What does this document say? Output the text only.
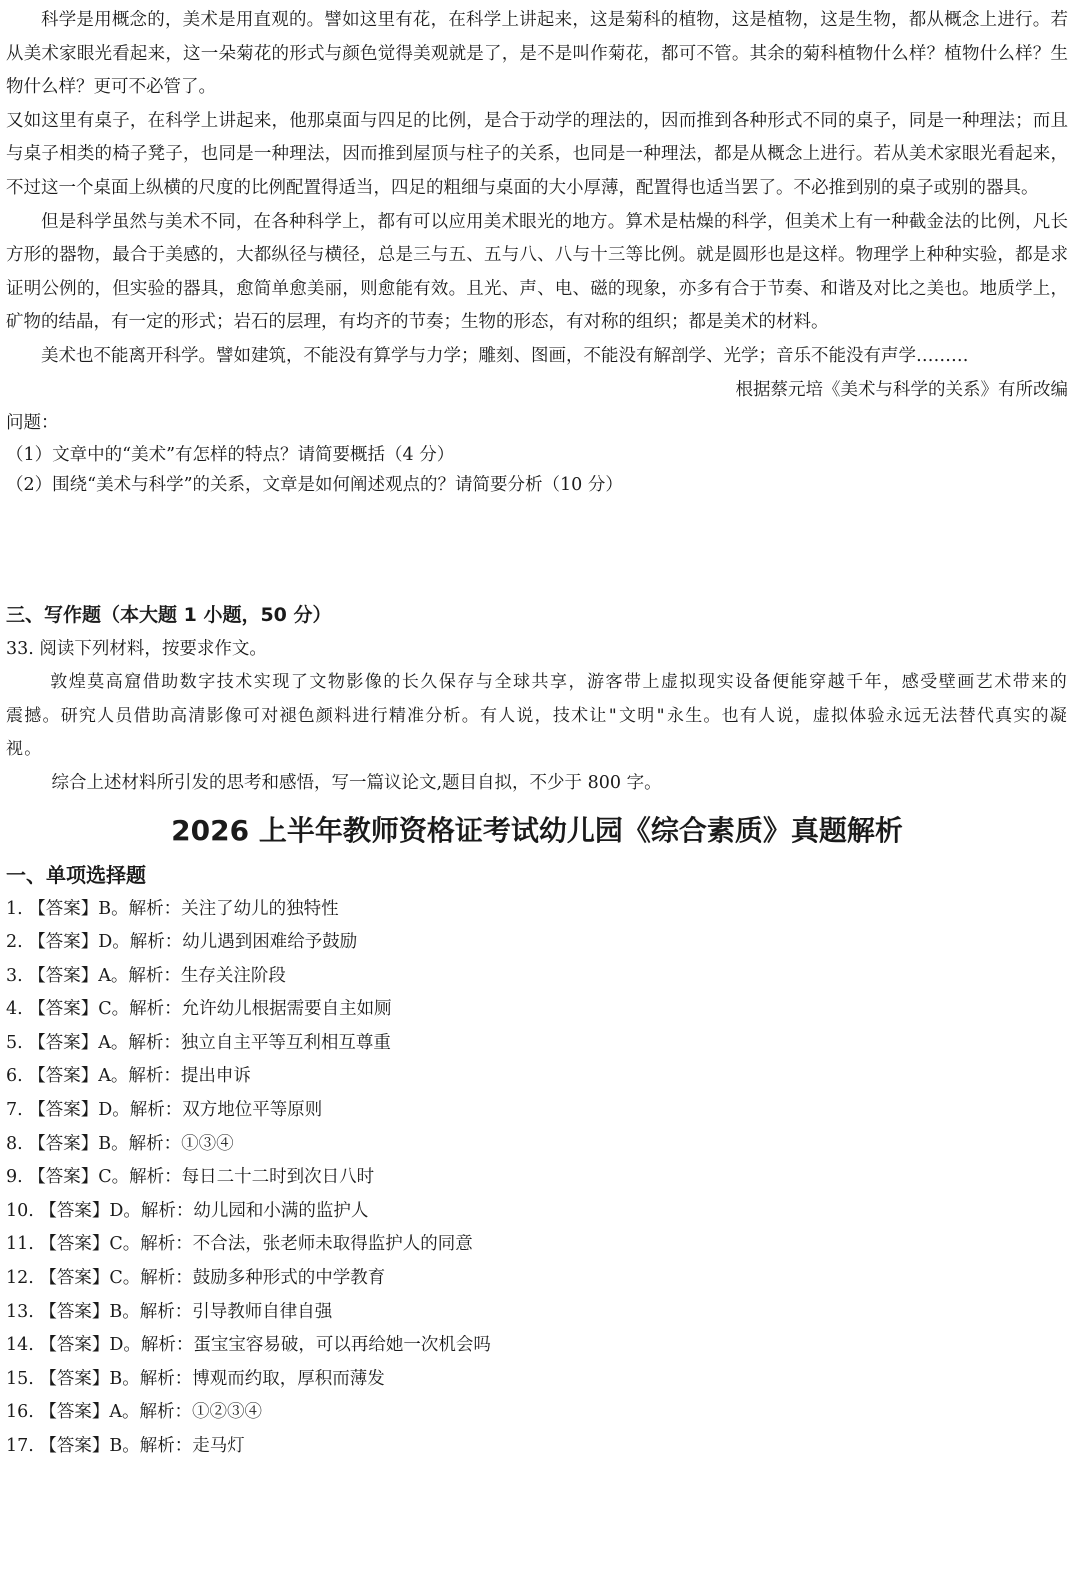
科学是用概念的，美术是用直观的。譬如这里有花，在科学上讲起来，这是菊科的植物，这是植物，这是生物，都从概念上进行。若从美术家眼光看起来，这一朵菊花的形式与颜色觉得美观就是了，是不是叫作菊花，都可不管。其余的菊科植物什么样？植物什么样？生物什么样？更可不必管了。

又如这里有桌子，在科学上讲起来，他那桌面与四足的比例，是合于动学的理法的，因而推到各种形式不同的桌子，同是一种理法；而且与桌子相类的椅子凳子，也同是一种理法，因而推到屋顶与柱子的关系，也同是一种理法，都是从概念上进行。若从美术家眼光看起来，不过这一个桌面上纵横的尺度的比例配置得适当，四足的粗细与桌面的大小厚薄，配置得也适当罢了。不必推到别的桌子或别的器具。

但是科学虽然与美术不同，在各种科学上，都有可以应用美术眼光的地方。算术是枯燥的科学，但美术上有一种截金法的比例，凡长方形的器物，最合于美感的，大都纵径与横径，总是三与五、五与八、八与十三等比例。就是圆形也是这样。物理学上种种实验，都是求证明公例的，但实验的器具，愈简单愈美丽，则愈能有效。且光、声、电、磁的现象，亦多有合于节奏、和谐及对比之美也。地质学上，矿物的结晶，有一定的形式；岩石的层理，有均齐的节奏；生物的形态，有对称的组织；都是美术的材料。

美术也不能离开科学。譬如建筑，不能没有算学与力学；雕刻、图画，不能没有解剖学、光学；音乐不能没有声学………

根据蔡元培《美术与科学的关系》有所改编

问题：

（1）文章中的“美术”有怎样的特点？请简要概括（4 分）

（2）围绕“美术与科学”的关系，文章是如何阐述观点的？请简要分析（10 分）

三、写作题（本大题 1 小题，50 分）

33. 阅读下列材料，按要求作文。

敦煌莫高窟借助数字技术实现了文物影像的长久保存与全球共享，游客带上虚拟现实设备便能穿越千年，感受壁画艺术带来的震撼。研究人员借助高清影像可对褪色颜料进行精准分析。有人说，技术让"文明"永生。也有人说，虚拟体验永远无法替代真实的凝视。

综合上述材料所引发的思考和感悟，写一篇议论文,题目自拟，不少于 800 字。

2026 上半年教师资格证考试幼儿园《综合素质》真题解析

一、单项选择题

1. 【答案】B。解析：关注了幼儿的独特性

2. 【答案】D。解析：幼儿遇到困难给予鼓励

3. 【答案】A。解析：生存关注阶段

4. 【答案】C。解析：允许幼儿根据需要自主如厕

5. 【答案】A。解析：独立自主平等互利相互尊重

6. 【答案】A。解析：提出申诉

7. 【答案】D。解析：双方地位平等原则

8. 【答案】B。解析：①③④

9. 【答案】C。解析：每日二十二时到次日八时

10. 【答案】D。解析：幼儿园和小满的监护人

11. 【答案】C。解析：不合法，张老师未取得监护人的同意

12. 【答案】C。解析：鼓励多种形式的中学教育

13. 【答案】B。解析：引导教师自律自强

14. 【答案】D。解析：蛋宝宝容易破，可以再给她一次机会吗

15. 【答案】B。解析：博观而约取，厚积而薄发

16. 【答案】A。解析：①②③④

17. 【答案】B。解析：走马灯
